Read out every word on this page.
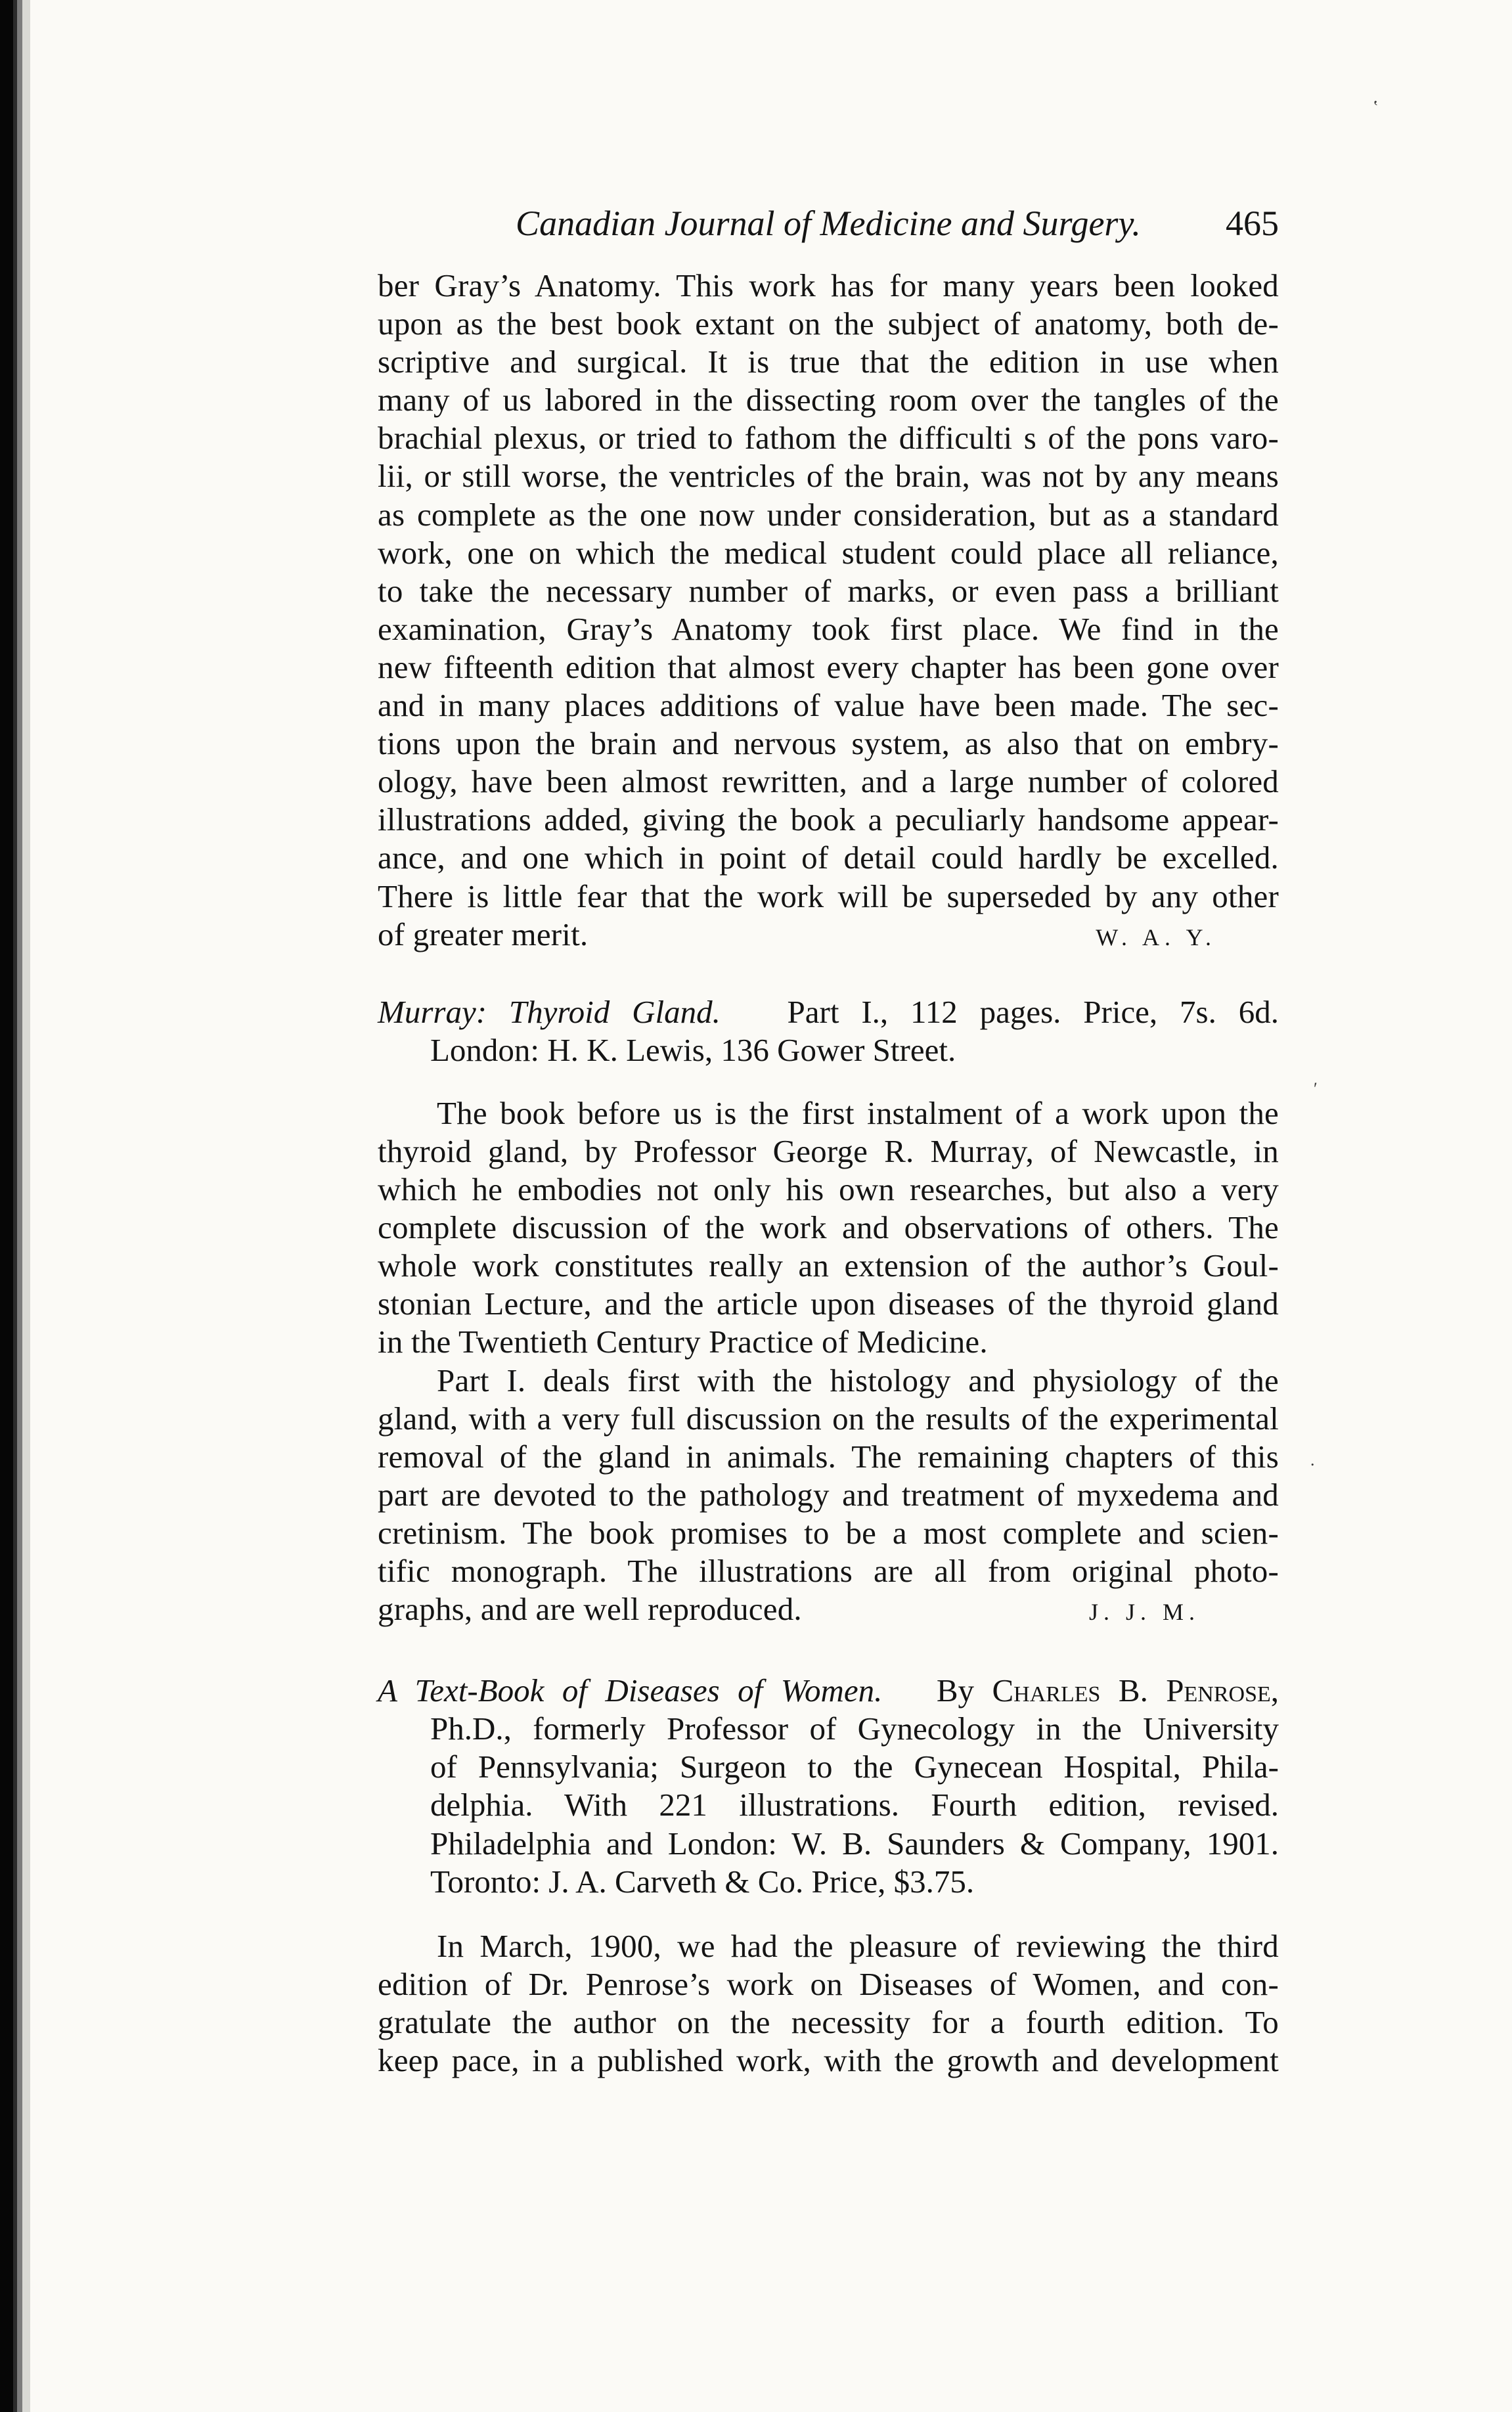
‛
′
.
Canadian Journal of Medicine and Surgery.	465

ber Gray’s Anatomy. This work has for many years been looked

upon as the best book extant on the subject of anatomy, both de-

scriptive and surgical. It is true that the edition in use when

many of us labored in the dissecting room over the tangles of the

brachial plexus, or tried to fathom the difficulti s of the pons varo-

lii, or still worse, the ventricles of the brain, was not by any means

as complete as the one now under consideration, but as a standard

work, one on which the medical student could place all reliance,

to take the necessary number of marks, or even pass a brilliant

examination, Gray’s Anatomy took first place. We find in the

new fifteenth edition that almost every chapter has been gone over

and in many places additions of value have been made. The sec-

tions upon the brain and nervous system, as also that on embry-

ology, have been almost rewritten, and a large number of colored

illustrations added, giving the book a peculiarly handsome appear-

ance, and one which in point of detail could hardly be excelled.

There is little fear that the work will be superseded by any other

of greater merit.	W. A. Y.

Murray: Thyroid Gland. Part I., 112 pages. Price, 7s. 6d.
London: H. K. Lewis, 136 Gower Street.

The book before us is the first instalment of a work upon the

thyroid gland, by Professor George R. Murray, of Newcastle, in

which he embodies not only his own researches, but also a very

complete discussion of the work and observations of others. The

whole work constitutes really an extension of the author’s Goul-

stonian Lecture, and the article upon diseases of the thyroid gland

in the Twentieth Century Practice of Medicine.

Part I. deals first with the histology and physiology of the

gland, with a very full discussion on the results of the experimental

removal of the gland in animals. The remaining chapters of this

part are devoted to the pathology and treatment of myxedema and

cretinism. The book promises to be a most complete and scien-

tific monograph. The illustrations are all from original photo-

graphs, and are well reproduced.	J. J. M.

A Text-Book of Diseases of Women. By Charles B. Penrose,
Ph.D., formerly Professor of Gynecology in the University
of Pennsylvania; Surgeon to the Gynecean Hospital, Phila-
delphia. With 221 illustrations. Fourth edition, revised.
Philadelphia and London: W. B. Saunders & Company, 1901.
Toronto: J. A. Carveth & Co. Price, $3.75.

In March, 1900, we had the pleasure of reviewing the third

edition of Dr. Penrose’s work on Diseases of Women, and con-

gratulate the author on the necessity for a fourth edition. To

keep pace, in a published work, with the growth and development
